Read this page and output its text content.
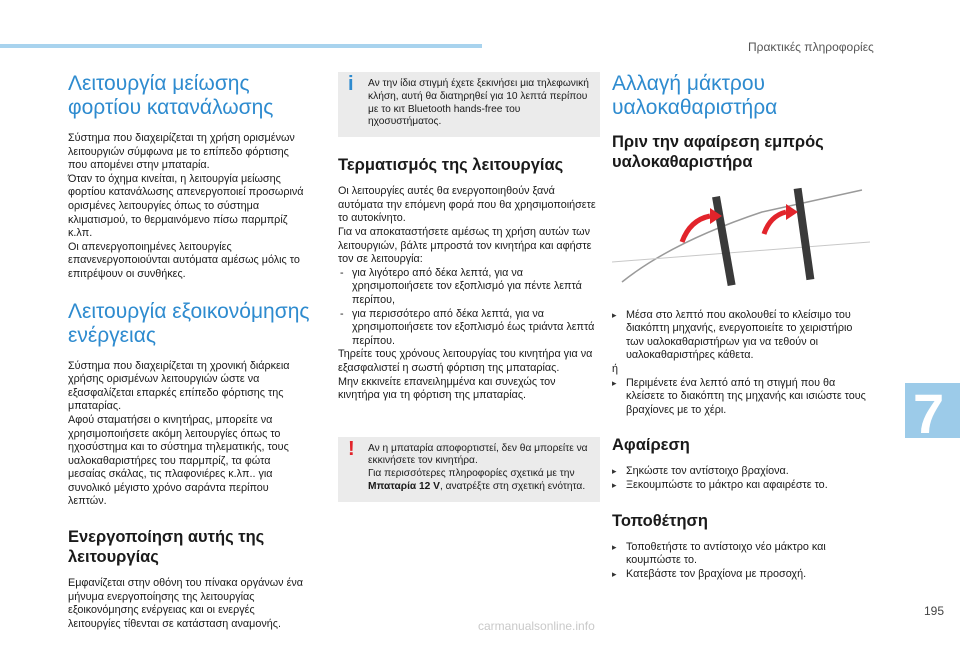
Πρακτικές πληροφορίες
7
Λειτουργία μείωσης φορτίου κατανάλωσης

Σύστημα που διαχειρίζεται τη χρήση ορισμένων λειτουργιών σύμφωνα με το επίπεδο φόρτισης που απομένει στην μπαταρία.
Όταν το όχημα κινείται, η λειτουργία μείωσης φορτίου κατανάλωσης απενεργοποιεί προσωρινά ορισμένες λειτουργίες όπως το σύστημα κλιματισμού, το θερμαινόμενο πίσω παρμπρίζ κ.λπ.
Οι απενεργοποιημένες λειτουργίες επανενεργοποιούνται αυτόματα αμέσως μόλις το επιτρέψουν οι συνθήκες.

Λειτουργία εξοικονόμησης ενέργειας

Σύστημα που διαχειρίζεται τη χρονική διάρκεια χρήσης ορισμένων λειτουργιών ώστε να εξασφαλίζεται επαρκές επίπεδο φόρτισης της μπαταρίας.
Αφού σταματήσει ο κινητήρας, μπορείτε να χρησιμοποιήσετε ακόμη λειτουργίες όπως το ηχοσύστημα και το σύστημα τηλεματικής, τους υαλοκαθαριστήρες του παρμπρίζ, τα φώτα μεσαίας σκάλας, τις πλαφονιέρες κ.λπ.. για συνολικό μέγιστο χρόνο σαράντα περίπου λεπτών.

Ενεργοποίηση αυτής της λειτουργίας

Εμφανίζεται στην οθόνη του πίνακα οργάνων ένα μήνυμα ενεργοποίησης της λειτουργίας εξοικονόμησης ενέργειας και οι ενεργές λειτουργίες τίθενται σε κατάσταση αναμονής.

i Αν την ίδια στιγμή έχετε ξεκινήσει μια τηλεφωνική κλήση, αυτή θα διατηρηθεί για 10 λεπτά περίπου με το κιτ Bluetooth hands-free του ηχοσυστήματος.

Τερματισμός της λειτουργίας

Οι λειτουργίες αυτές θα ενεργοποιηθούν ξανά αυτόματα την επόμενη φορά που θα χρησιμοποιήσετε το αυτοκίνητο.
Για να αποκαταστήσετε αμέσως τη χρήση αυτών των λειτουργιών, βάλτε μπροστά τον κινητήρα και αφήστε τον σε λειτουργία:

- για λιγότερο από δέκα λεπτά, για να χρησιμοποιήσετε τον εξοπλισμό για πέντε λεπτά περίπου,

- για περισσότερο από δέκα λεπτά, για να χρησιμοποιήσετε τον εξοπλισμό έως τριάντα λεπτά περίπου.

Τηρείτε τους χρόνους λειτουργίας του κινητήρα για να εξασφαλιστεί η σωστή φόρτιση της μπαταρίας.
Μην εκκινείτε επανειλημμένα και συνεχώς τον κινητήρα για τη φόρτιση της μπαταρίας.

! Αν η μπαταρία αποφορτιστεί, δεν θα μπορείτε να εκκινήσετε τον κινητήρα.
Για περισσότερες πληροφορίες σχετικά με την Μπαταρία 12 V, ανατρέξτε στη σχετική ενότητα.

Αλλαγή μάκτρου υαλοκαθαριστήρα
Πριν την αφαίρεση εμπρός υαλοκαθαριστήρα

▸ Μέσα στο λεπτό που ακολουθεί το κλείσιμο του διακόπτη μηχανής, ενεργοποιείτε το χειριστήριο των υαλοκαθαριστήρων για να τεθούν οι υαλοκαθαριστήρες κάθετα.

ή

▸ Περιμένετε ένα λεπτό από τη στιγμή που θα κλείσετε το διακόπτη της μηχανής και ισιώστε τους βραχίονες με το χέρι.

Αφαίρεση

▸ Σηκώστε τον αντίστοιχο βραχίονα.

▸ Ξεκουμπώστε το μάκτρο και αφαιρέστε το.

Τοποθέτηση

▸ Τοποθετήστε το αντίστοιχο νέο μάκτρο και κουμπώστε το.

▸ Κατεβάστε τον βραχίονα με προσοχή.

195
carmanualsonline.info
